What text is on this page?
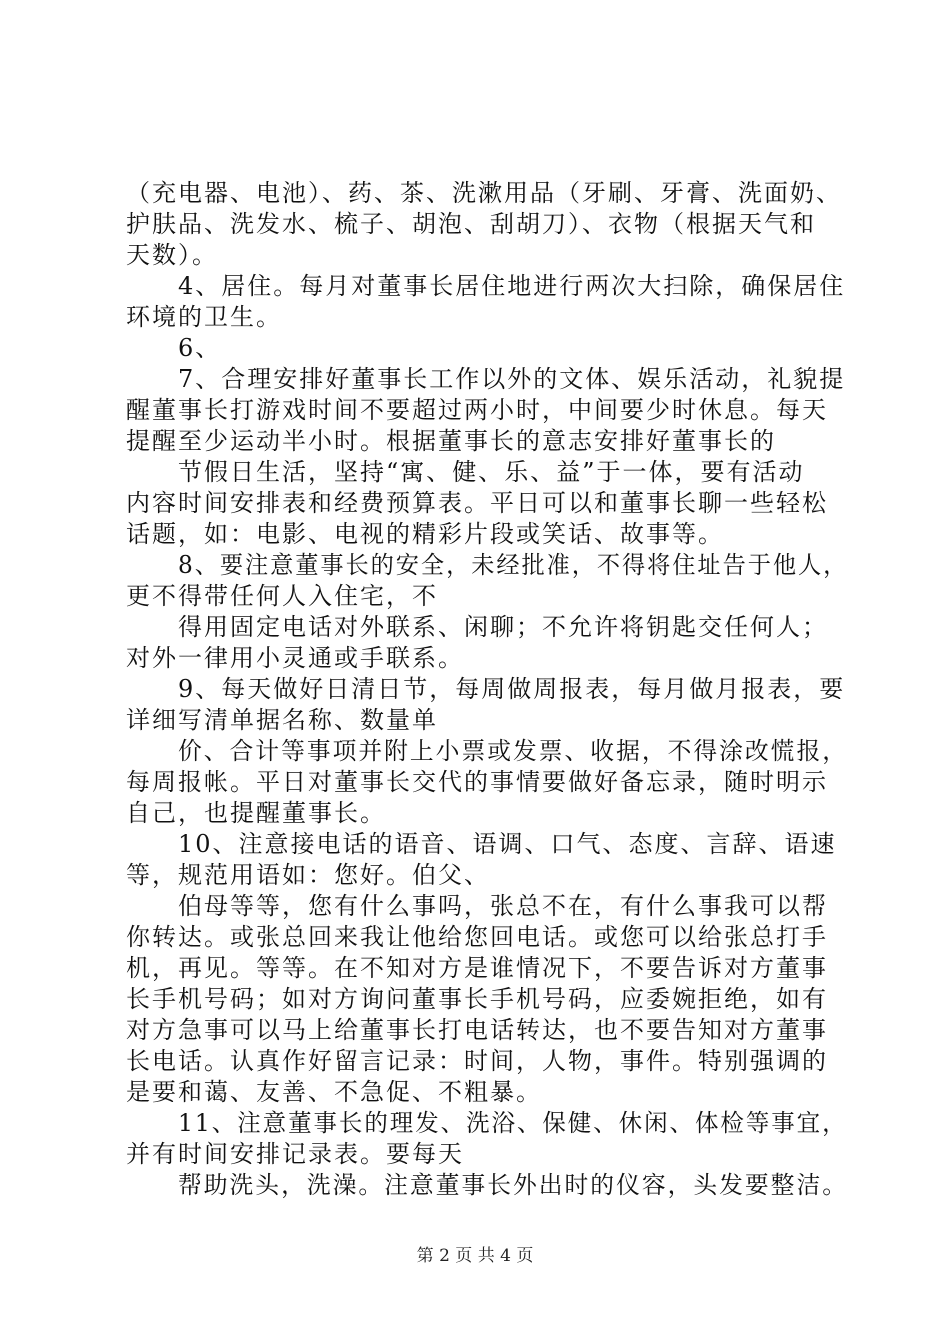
（充电器、电池）、药、茶、洗漱用品（牙刷、牙膏、洗面奶、
护肤品、洗发水、梳子、胡泡、刮胡刀）、衣物（根据天气和
天数）。
4、居住。每月对董事长居住地进行两次大扫除，确保居住
环境的卫生。
6、
7、合理安排好董事长工作以外的文体、娱乐活动，礼貌提
醒董事长打游戏时间不要超过两小时，中间要少时休息。每天
提醒至少运动半小时。根据董事长的意志安排好董事长的
节假日生活，坚持“寓、健、乐、益”于一体，要有活动
内容时间安排表和经费预算表。平日可以和董事长聊一些轻松
话题，如：电影、电视的精彩片段或笑话、故事等。
8、要注意董事长的安全，未经批准，不得将住址告于他人，
更不得带任何人入住宅，不
得用固定电话对外联系、闲聊；不允许将钥匙交任何人；
对外一律用小灵通或手联系。
9、每天做好日清日节，每周做周报表，每月做月报表，要
详细写清单据名称、数量单
价、合计等事项并附上小票或发票、收据，不得涂改慌报，
每周报帐。平日对董事长交代的事情要做好备忘录，随时明示
自己，也提醒董事长。
10、注意接电话的语音、语调、口气、态度、言辞、语速
等，规范用语如：您好。伯父、
伯母等等，您有什么事吗，张总不在，有什么事我可以帮
你转达。或张总回来我让他给您回电话。或您可以给张总打手
机，再见。等等。在不知对方是谁情况下，不要告诉对方董事
长手机号码；如对方询问董事长手机号码，应委婉拒绝，如有
对方急事可以马上给董事长打电话转达，也不要告知对方董事
长电话。认真作好留言记录：时间，人物，事件。特别强调的
是要和蔼、友善、不急促、不粗暴。
11、注意董事长的理发、洗浴、保健、休闲、体检等事宜，
并有时间安排记录表。要每天
帮助洗头，洗澡。注意董事长外出时的仪容，头发要整洁。
第 2 页 共 4 页
